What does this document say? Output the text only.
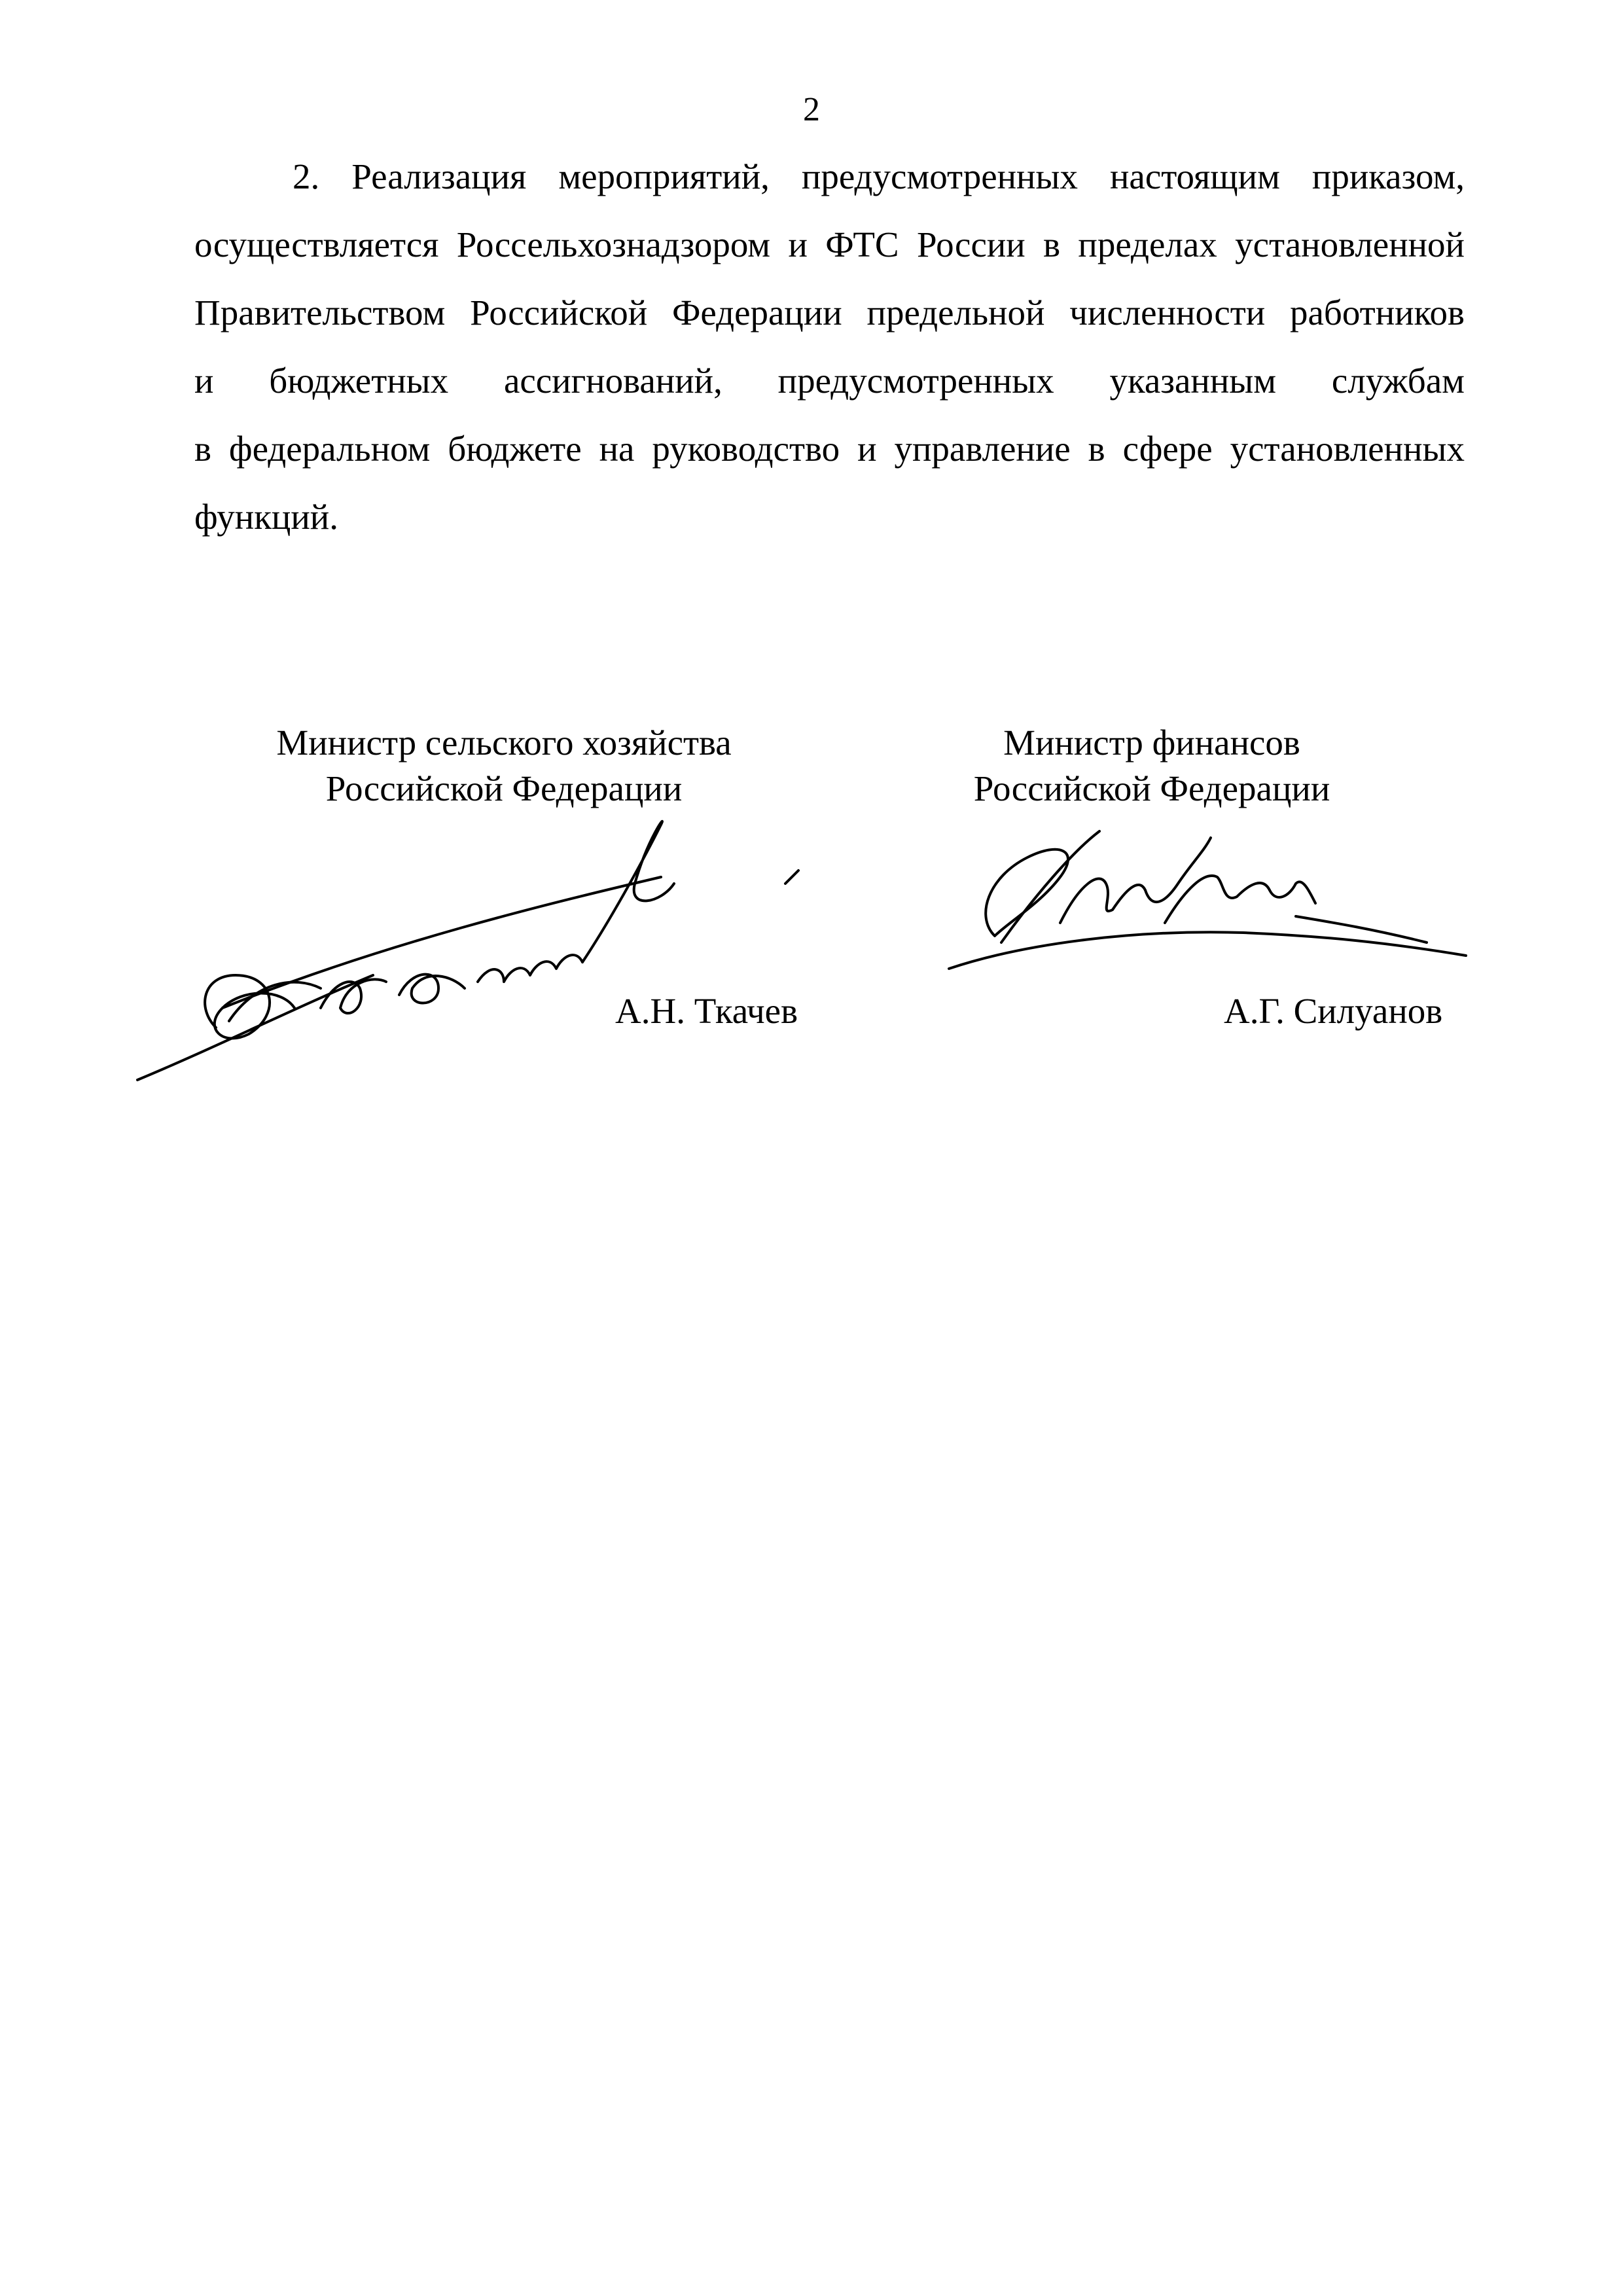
2
2. Реализация мероприятий, предусмотренных настоящим приказом,
осуществляется Россельхознадзором и ФТС России в пределах установленной
Правительством Российской Федерации предельной численности работников
и бюджетных ассигнований, предусмотренных указанным службам
в федеральном бюджете на руководство и управление в сфере установленных
функций.
Министр сельского хозяйства
Российской Федерации
Министр финансов
Российской Федерации
А.Н. Ткачев	А.Г. Силуанов
